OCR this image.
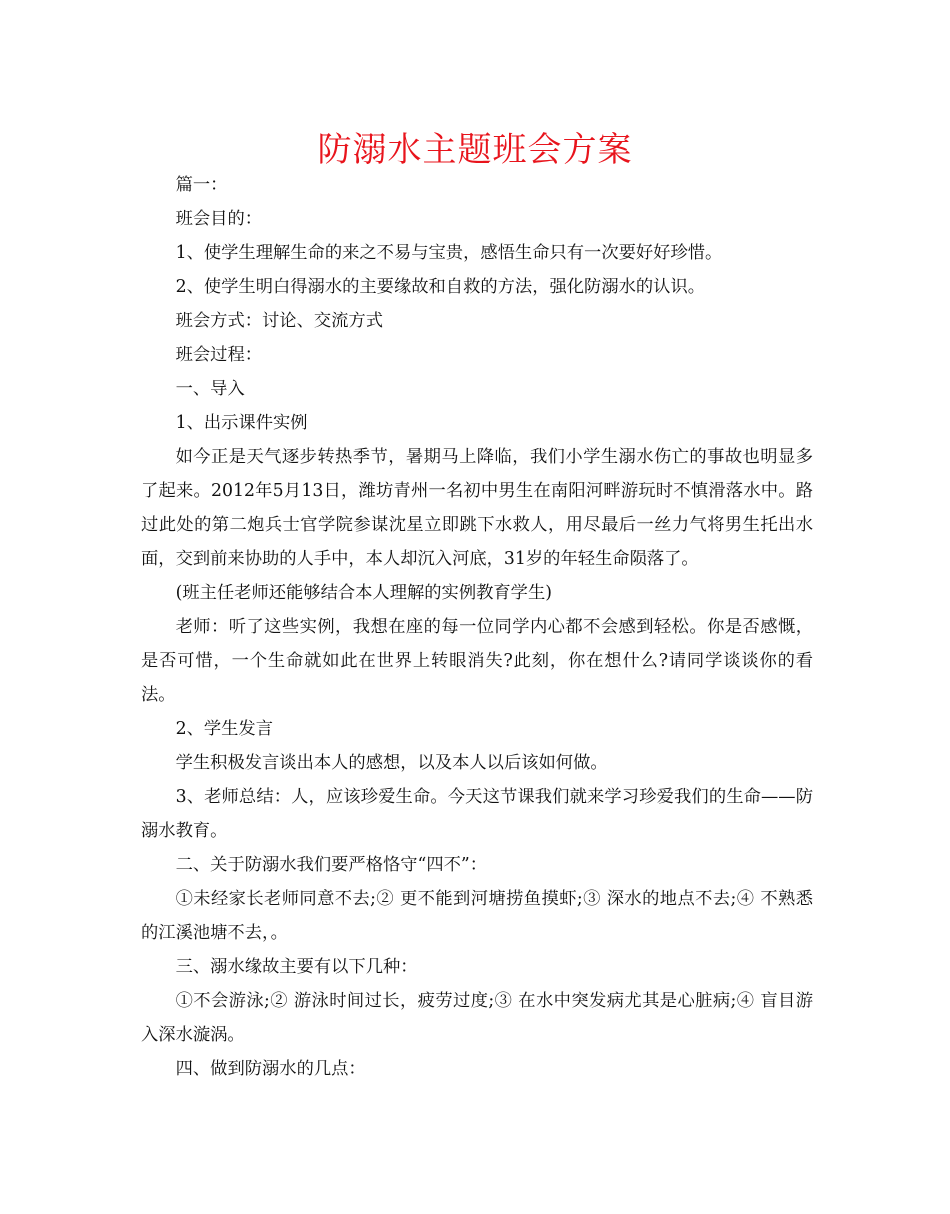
防溺水主题班会方案

篇一：

班会目的：

1、使学生理解生命的来之不易与宝贵，感悟生命只有一次要好好珍惜。

2、使学生明白得溺水的主要缘故和自救的方法，强化防溺水的认识。

班会方式：讨论、交流方式

班会过程：

一、导入

1、出示课件实例

如今正是天气逐步转热季节，暑期马上降临，我们小学生溺水伤亡的事故也明显多了起来。2012年5月13日，潍坊青州一名初中男生在南阳河畔游玩时不慎滑落水中。路过此处的第二炮兵士官学院参谋沈星立即跳下水救人，用尽最后一丝力气将男生托出水面，交到前来协助的人手中，本人却沉入河底，31岁的年轻生命陨落了。

(班主任老师还能够结合本人理解的实例教育学生)

老师：听了这些实例，我想在座的每一位同学内心都不会感到轻松。你是否感慨，是否可惜，一个生命就如此在世界上转眼消失?此刻，你在想什么?请同学谈谈你的看法。

2、学生发言

学生积极发言谈出本人的感想，以及本人以后该如何做。

3、老师总结：人，应该珍爱生命。今天这节课我们就来学习珍爱我们的生命——防溺水教育。

二、关于防溺水我们要严格恪守“四不”：

①未经家长老师同意不去;② 更不能到河塘捞鱼摸虾;③ 深水的地点不去;④ 不熟悉的江溪池塘不去，。

三、溺水缘故主要有以下几种：

①不会游泳;② 游泳时间过长，疲劳过度;③ 在水中突发病尤其是心脏病;④ 盲目游入深水漩涡。

四、做到防溺水的几点：
